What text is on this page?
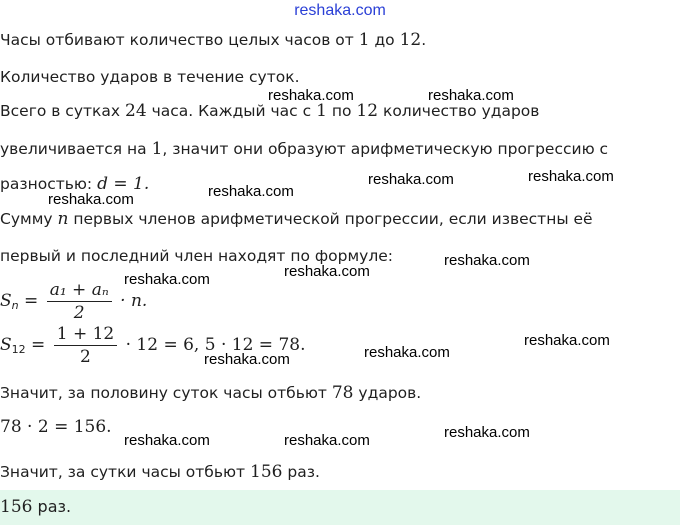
reshaka.com
Часы отбивают количество целых часов от 1 до 12.
Количество ударов в течение суток.
Всего в сутках 24 часа. Каждый час с 1 по 12 количество ударов
увеличивается на 1, значит они образуют арифметическую прогрессию с
разностью: d = 1.
Сумму n первых членов арифметической прогрессии, если известны её
первый и последний член находят по формуле:
$S_n = \frac{\text{a₁ + aₙ}}{2} \cdot n$.
$S_{12} = \frac{1 + 12}{2} \cdot 12 = 6$, 5 · 12 = 78.
Значит, за половину суток часы отбьют 78 ударов.
78 · 2 = 156.
Значит, за сутки часы отбьют 156 раз.
156 раз.
reshaka.com	reshaka.com
reshaka.com	reshaka.com
reshaka.com
reshaka.com
reshaka.com
reshaka.com
reshaka.com
reshaka.com
reshaka.com
reshaka.com
reshaka.com
reshaka.com
reshaka.com
